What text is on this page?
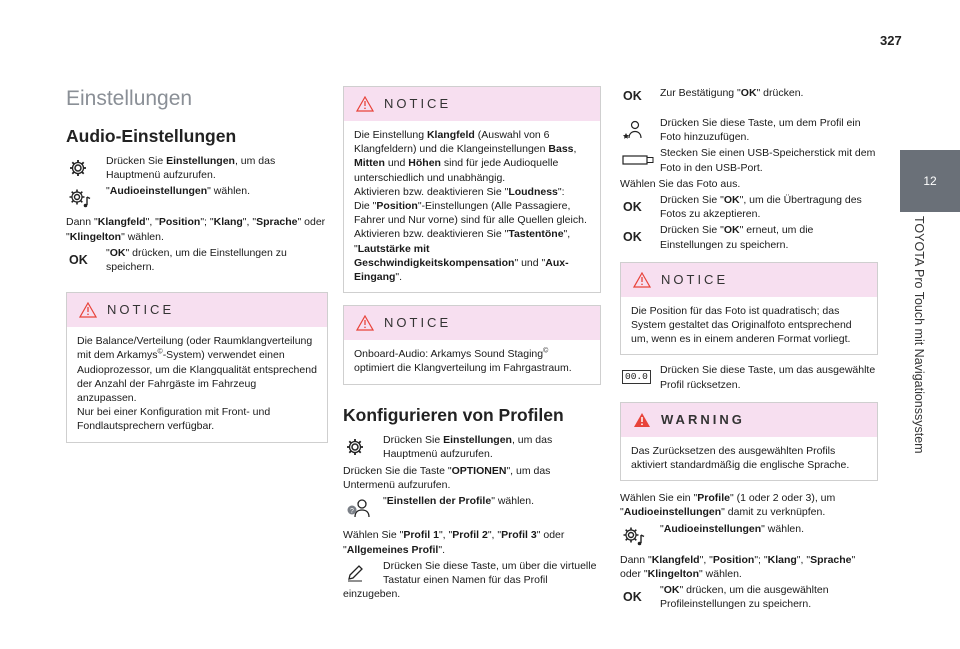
327
12
TOYOTA Pro Touch mit Navigationssystem
Einstellungen
Audio-Einstellungen
Drücken Sie Einstellungen, um das Hauptmenü aufzurufen.
"Audioeinstellungen" wählen.

Dann "Klangfeld", "Position"; "Klang", "Sprache" oder "Klingelton" wählen.

OK	"OK" drücken, um die Einstellungen zu speichern.
NOTICE
Die Balance/Verteilung (oder Raumklangverteilung mit dem Arkamys©-System) verwendet einen Audioprozessor, um die Klangqualität entsprechend der Anzahl der Fahrgäste im Fahrzeug anzupassen.
Nur bei einer Konfiguration mit Front- und Fondlautsprechern verfügbar.
NOTICE
Die Einstellung Klangfeld (Auswahl von 6 Klangfeldern) und die Klangeinstellungen Bass, Mitten und Höhen sind für jede Audioquelle unterschiedlich und unabhängig.
Aktivieren bzw. deaktivieren Sie "Loudness":
Die "Position"-Einstellungen (Alle Passagiere, Fahrer und Nur vorne) sind für alle Quellen gleich.
Aktivieren bzw. deaktivieren Sie "Tastentöne", "Lautstärke mit Geschwindigkeitskompensation" und "Aux-Eingang".
NOTICE
Onboard-Audio: Arkamys Sound Staging© optimiert die Klangverteilung im Fahrgastraum.
Konfigurieren von Profilen
Drücken Sie Einstellungen, um das Hauptmenü aufzurufen.

Drücken Sie die Taste "OPTIONEN", um das Untermenü aufzurufen.

?
"Einstellen der Profile" wählen.

Wählen Sie "Profil 1", "Profil 2", "Profil 3" oder "Allgemeines Profil".

Drücken Sie diese Taste, um über die virtuelle Tastatur einen Namen für das Profil

einzugeben.

OK	Zur Bestätigung "OK" drücken.
Drücken Sie diese Taste, um dem Profil ein Foto hinzuzufügen.
Stecken Sie einen USB-Speicherstick mit dem Foto in den USB-Port.

Wählen Sie das Foto aus.

OK	Drücken Sie "OK", um die Übertragung des Fotos zu akzeptieren.
OK	Drücken Sie "OK" erneut, um die Einstellungen zu speichern.
NOTICE
Die Position für das Foto ist quadratisch; das System gestaltet das Originalfoto entsprechend um, wenn es in einem anderen Format vorliegt.
00.0
Drücken Sie diese Taste, um das ausgewählte Profil rücksetzen.
WARNING
Das Zurücksetzen des ausgewählten Profils aktiviert standardmäßig die englische Sprache.

Wählen Sie ein "Profile" (1 oder 2 oder 3), um "Audioeinstellungen" damit zu verknüpfen.

"Audioeinstellungen" wählen.

Dann "Klangfeld", "Position"; "Klang", "Sprache" oder "Klingelton" wählen.

OK	"OK" drücken, um die ausgewählten Profileinstellungen zu speichern.
